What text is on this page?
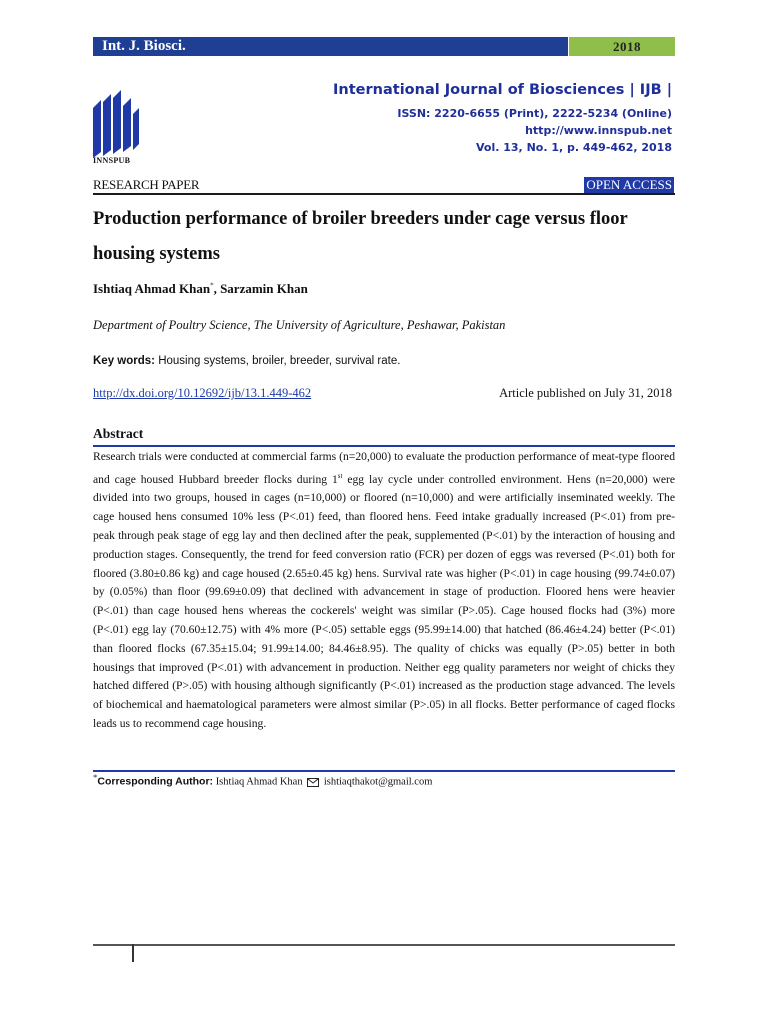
Int. J. Biosci.	2018
INNSPUB
International Journal of Biosciences | IJB |
ISSN: 2220-6655 (Print), 2222-5234 (Online)
http://www.innspub.net
Vol. 13, No. 1, p. 449-462, 2018
RESEARCH PAPER	OPEN ACCESS
Production performance of broiler breeders under cage versus floor housing systems
Ishtiaq Ahmad Khan*, Sarzamin Khan
Department of Poultry Science, The University of Agriculture, Peshawar, Pakistan
Key words: Housing systems, broiler, breeder, survival rate.
http://dx.doi.org/10.12692/ijb/13.1.449-462	Article published on July 31, 2018
Abstract
Research trials were conducted at commercial farms (n=20,000) to evaluate the production performance of meat-type floored and cage housed Hubbard breeder flocks during 1st egg lay cycle under controlled environment. Hens (n=20,000) were divided into two groups, housed in cages (n=10,000) or floored (n=10,000) and were artificially inseminated weekly. The cage housed hens consumed 10% less (P<.01) feed, than floored hens. Feed intake gradually increased (P<.01) from pre-peak through peak stage of egg lay and then declined after the peak, supplemented (P<.01) by the interaction of housing and production stages. Consequently, the trend for feed conversion ratio (FCR) per dozen of eggs was reversed (P<.01) both for floored (3.80±0.86 kg) and cage housed (2.65±0.45 kg) hens. Survival rate was higher (P<.01) in cage housing (99.74±0.07) by (0.05%) than floor (99.69±0.09) that declined with advancement in stage of production. Floored hens were heavier (P<.01) than cage housed hens whereas the cockerels' weight was similar (P>.05). Cage housed flocks had (3%) more (P<.01) egg lay (70.60±12.75) with 4% more (P<.05) settable eggs (95.99±14.00) that hatched (86.46±4.24) better (P<.01) than floored flocks (67.35±15.04; 91.99±14.00; 84.46±8.95). The quality of chicks was equally (P>.05) better in both housings that improved (P<.01) with advancement in production. Neither egg quality parameters nor weight of chicks they hatched differed (P>.05) with housing although significantly (P<.01) increased as the production stage advanced. The levels of biochemical and haematological parameters were almost similar (P>.05) in all flocks. Better performance of caged flocks leads us to recommend cage housing.
*Corresponding Author: Ishtiaq Ahmad Khan
ishtiaqthakot@gmail.com
